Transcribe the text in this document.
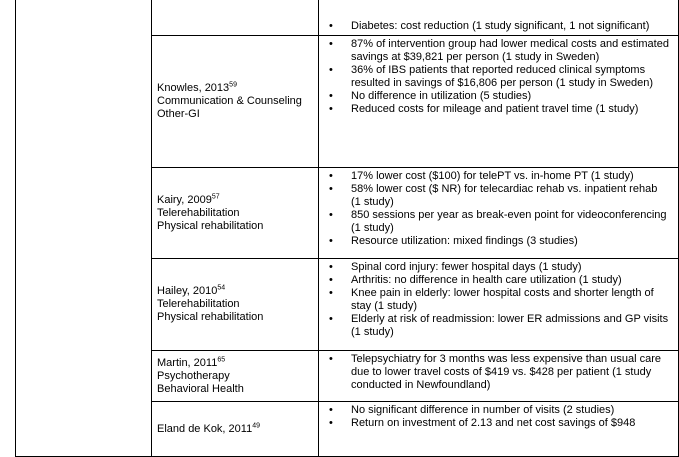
• Diabetes: cost reduction (1 study significant, 1 not significant)

Knowles, 2013$^{59}$
Communication & Counseling
Other-GI

• 87% of intervention group had lower medical costs and estimated savings at $39,821 per person (1 study in Sweden)
• 36% of IBS patients that reported reduced clinical symptoms resulted in savings of $16,806 per person (1 study in Sweden)
• No difference in utilization (5 studies)
• Reduced costs for mileage and patient travel time (1 study)

Kairy, 2009$^{57}$
Telerehabilitation
Physical rehabilitation

• 17% lower cost ($100) for telePT vs. in-home PT (1 study)
• 58% lower cost ($ NR) for telecardiac rehab vs. inpatient rehab (1 study)
• 850 sessions per year as break-even point for videoconferencing (1 study)
• Resource utilization: mixed findings (3 studies)

Hailey, 2010$^{54}$
Telerehabilitation
Physical rehabilitation

• Spinal cord injury: fewer hospital days (1 study)
• Arthritis: no difference in health care utilization (1 study)
• Knee pain in elderly: lower hospital costs and shorter length of stay (1 study)
• Elderly at risk of readmission: lower ER admissions and GP visits (1 study)

Martin, 2011$^{65}$
Psychotherapy
Behavioral Health

• Telepsychiatry for 3 months was less expensive than usual care due to lower travel costs of $419 vs. $428 per patient (1 study conducted in Newfoundland)

Eland de Kok, 2011$^{49}$

• No significant difference in number of visits (2 studies)
• Return on investment of 2.13 and net cost savings of $948
